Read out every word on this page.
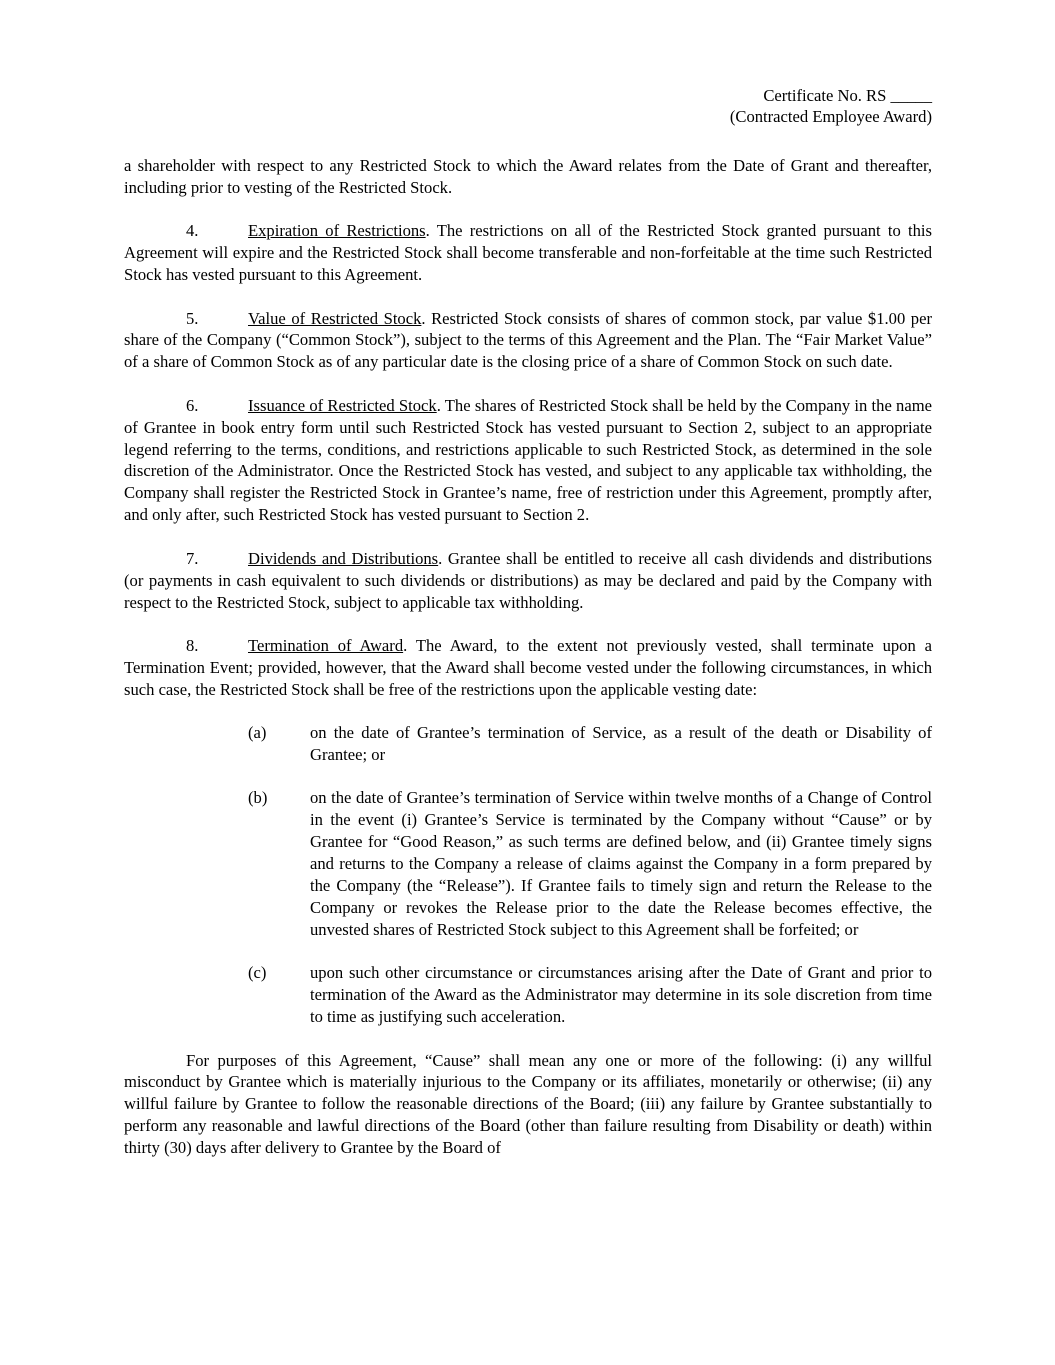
Certificate No. RS _____
(Contracted Employee Award)

a shareholder with respect to any Restricted Stock to which the Award relates from the Date of Grant and thereafter, including prior to vesting of the Restricted Stock.

4.	Expiration of Restrictions. The restrictions on all of the Restricted Stock granted pursuant to this Agreement will expire and the Restricted Stock shall become transferable and non-forfeitable at the time such Restricted Stock has vested pursuant to this Agreement.

5.	Value of Restricted Stock. Restricted Stock consists of shares of common stock, par value $1.00 per share of the Company (“Common Stock”), subject to the terms of this Agreement and the Plan. The “Fair Market Value” of a share of Common Stock as of any particular date is the closing price of a share of Common Stock on such date.

6.	Issuance of Restricted Stock. The shares of Restricted Stock shall be held by the Company in the name of Grantee in book entry form until such Restricted Stock has vested pursuant to Section 2, subject to an appropriate legend referring to the terms, conditions, and restrictions applicable to such Restricted Stock, as determined in the sole discretion of the Administrator. Once the Restricted Stock has vested, and subject to any applicable tax withholding, the Company shall register the Restricted Stock in Grantee’s name, free of restriction under this Agreement, promptly after, and only after, such Restricted Stock has vested pursuant to Section 2.

7.	Dividends and Distributions. Grantee shall be entitled to receive all cash dividends and distributions (or payments in cash equivalent to such dividends or distributions) as may be declared and paid by the Company with respect to the Restricted Stock, subject to applicable tax withholding.

8.	Termination of Award. The Award, to the extent not previously vested, shall terminate upon a Termination Event; provided, however, that the Award shall become vested under the following circumstances, in which such case, the Restricted Stock shall be free of the restrictions upon the applicable vesting date:

(a)	on the date of Grantee’s termination of Service, as a result of the death or Disability of Grantee; or
(b)	on the date of Grantee’s termination of Service within twelve months of a Change of Control in the event (i) Grantee’s Service is terminated by the Company without “Cause” or by Grantee for “Good Reason,” as such terms are defined below, and (ii) Grantee timely signs and returns to the Company a release of claims against the Company in a form prepared by the Company (the “Release”). If Grantee fails to timely sign and return the Release to the Company or revokes the Release prior to the date the Release becomes effective, the unvested shares of Restricted Stock subject to this Agreement shall be forfeited; or
(c)	upon such other circumstance or circumstances arising after the Date of Grant and prior to termination of the Award as the Administrator may determine in its sole discretion from time to time as justifying such acceleration.

For purposes of this Agreement, “Cause” shall mean any one or more of the following: (i) any willful misconduct by Grantee which is materially injurious to the Company or its affiliates, monetarily or otherwise; (ii) any willful failure by Grantee to follow the reasonable directions of the Board; (iii) any failure by Grantee substantially to perform any reasonable and lawful directions of the Board (other than failure resulting from Disability or death) within thirty (30) days after delivery to Grantee by the Board of
